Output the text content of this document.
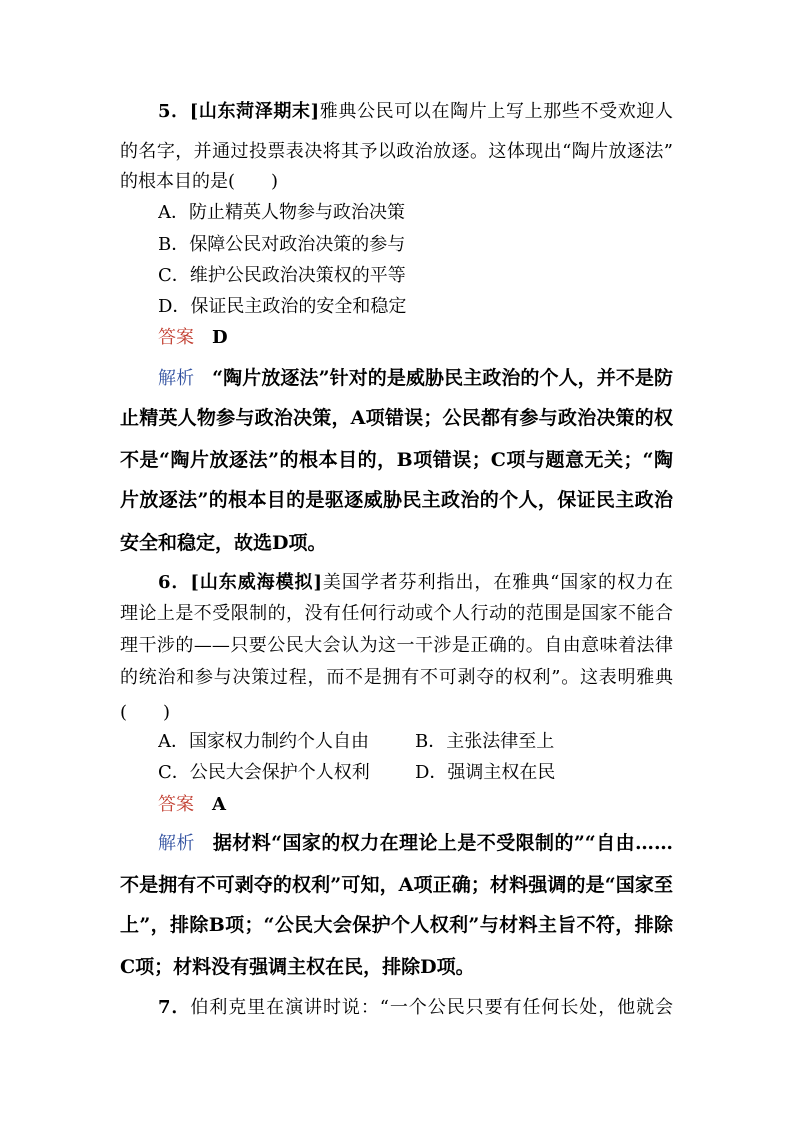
5．[山东菏泽期末]雅典公民可以在陶片上写上那些不受欢迎人
的名字，并通过投票表决将其予以政治放逐。这体现出“陶片放逐法”
的根本目的是(　　)
A．防止精英人物参与政治决策
B．保障公民对政治决策的参与
C．维护公民政治决策权的平等
D．保证民主政治的安全和稳定
答案 D
解析 “陶片放逐法”针对的是威胁民主政治的个人，并不是防
止精英人物参与政治决策，A项错误；公民都有参与政治决策的权
不是“陶片放逐法”的根本目的，B项错误；C项与题意无关；“陶
片放逐法”的根本目的是驱逐威胁民主政治的个人，保证民主政治
安全和稳定，故选D项。
6．[山东威海模拟]美国学者芬利指出，在雅典“国家的权力在
理论上是不受限制的，没有任何行动或个人行动的范围是国家不能合
理干涉的——只要公民大会认为这一干涉是正确的。自由意味着法律
的统治和参与决策过程，而不是拥有不可剥夺的权利”。这表明雅典
(　　)
A．国家权力制约个人自由	B．主张法律至上
C．公民大会保护个人权利	D．强调主权在民
答案 A
解析 据材料“国家的权力在理论上是不受限制的”“自由……
不是拥有不可剥夺的权利”可知，A项正确；材料强调的是“国家至
上”，排除B项；“公民大会保护个人权利”与材料主旨不符，排除
C项；材料没有强调主权在民，排除D项。
7．伯利克里在演讲时说：“一个公民只要有任何长处，他就会
